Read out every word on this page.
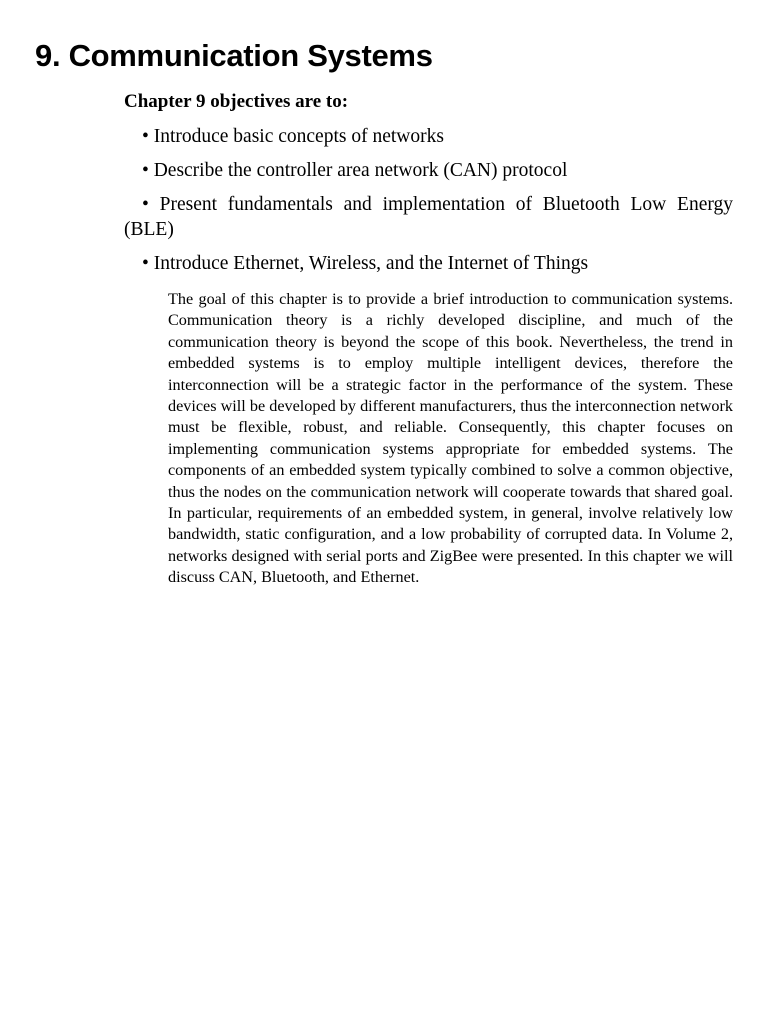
9. Communication Systems

Chapter 9 objectives are to:

• Introduce basic concepts of networks
• Describe the controller area network (CAN) protocol
• Present fundamentals and implementation of Bluetooth Low Energy (BLE)
• Introduce Ethernet, Wireless, and the Internet of Things

The goal of this chapter is to provide a brief introduction to communication systems. Communication theory is a richly developed discipline, and much of the communication theory is beyond the scope of this book. Nevertheless, the trend in embedded systems is to employ multiple intelligent devices, therefore the interconnection will be a strategic factor in the performance of the system. These devices will be developed by different manufacturers, thus the interconnection network must be flexible, robust, and reliable. Consequently, this chapter focuses on implementing communication systems appropriate for embedded systems. The components of an embedded system typically combined to solve a common objective, thus the nodes on the communication network will cooperate towards that shared goal. In particular, requirements of an embedded system, in general, involve relatively low bandwidth, static configuration, and a low probability of corrupted data. In Volume 2, networks designed with serial ports and ZigBee were presented. In this chapter we will discuss CAN, Bluetooth, and Ethernet.
